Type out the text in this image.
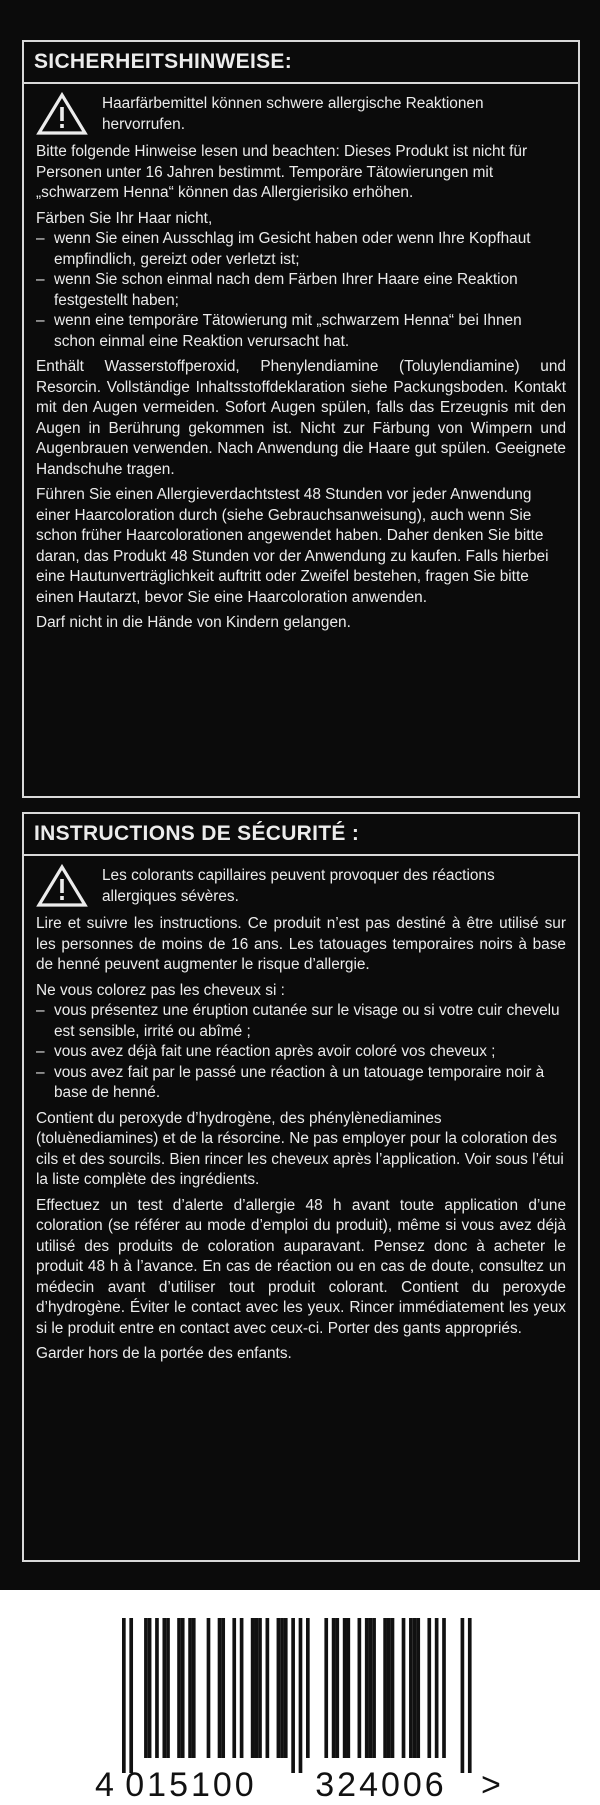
SICHERHEITSHINWEISE:
Haarfärbemittel können schwere allergische Reaktionen hervorrufen.

Bitte folgende Hinweise lesen und beachten: Dieses Produkt ist nicht für Personen unter 16 Jahren bestimmt. Temporäre Tätowierungen mit „schwarzem Henna“ können das Allergierisiko erhöhen.

Färben Sie Ihr Haar nicht,

– wenn Sie einen Ausschlag im Gesicht haben oder wenn Ihre Kopfhaut empfindlich, gereizt oder verletzt ist;
– wenn Sie schon einmal nach dem Färben Ihrer Haare eine Reaktion festgestellt haben;
– wenn eine temporäre Tätowierung mit „schwarzem Henna“ bei Ihnen schon einmal eine Reaktion verursacht hat.

Enthält Wasserstoffperoxid, Phenylendiamine (Toluylendiamine) und Resorcin. Vollständige Inhaltsstoffdeklaration siehe Packungsboden. Kontakt mit den Augen vermeiden. Sofort Augen spülen, falls das Erzeugnis mit den Augen in Berührung gekommen ist. Nicht zur Färbung von Wimpern und Augenbrauen verwenden. Nach Anwendung die Haare gut spülen. Geeignete Handschuhe tragen.

Führen Sie einen Allergieverdachtstest 48 Stunden vor jeder Anwendung einer Haarcoloration durch (siehe Gebrauchsanweisung), auch wenn Sie schon früher Haarcolorationen angewendet haben. Daher denken Sie bitte daran, das Produkt 48 Stunden vor der Anwendung zu kaufen. Falls hierbei eine Hautunverträglichkeit auftritt oder Zweifel bestehen, fragen Sie bitte einen Hautarzt, bevor Sie eine Haarcoloration anwenden.

Darf nicht in die Hände von Kindern gelangen.

INSTRUCTIONS DE SÉCURITÉ :
Les colorants capillaires peuvent provoquer des réactions allergiques sévères.

Lire et suivre les instructions. Ce produit n’est pas destiné à être utilisé sur les personnes de moins de 16 ans. Les tatouages temporaires noirs à base de henné peuvent augmenter le risque d’allergie.

Ne vous colorez pas les cheveux si :

– vous présentez une éruption cutanée sur le visage ou si votre cuir chevelu est sensible, irrité ou abîmé ;
– vous avez déjà fait une réaction après avoir coloré vos cheveux ;
– vous avez fait par le passé une réaction à un tatouage temporaire noir à base de henné.

Contient du peroxyde d’hydrogène, des phénylènediamines (toluènediamines) et de la résorcine. Ne pas employer pour la coloration des cils et des sourcils. Bien rincer les cheveux après l’application. Voir sous l’étui la liste complète des ingrédients.

Effectuez un test d’alerte d’allergie 48 h avant toute application d’une coloration (se référer au mode d’emploi du produit), même si vous avez déjà utilisé des produits de coloration auparavant. Pensez donc à acheter le produit 48 h à l’avance. En cas de réaction ou en cas de doute, consultez un médecin avant d’utiliser tout produit colorant. Contient du peroxyde d’hydrogène. Éviter le contact avec les yeux. Rincer immédiatement les yeux si le produit entre en contact avec ceux-ci. Porter des gants appropriés.

Garder hors de la portée des enfants.

4 015100 324006 >
